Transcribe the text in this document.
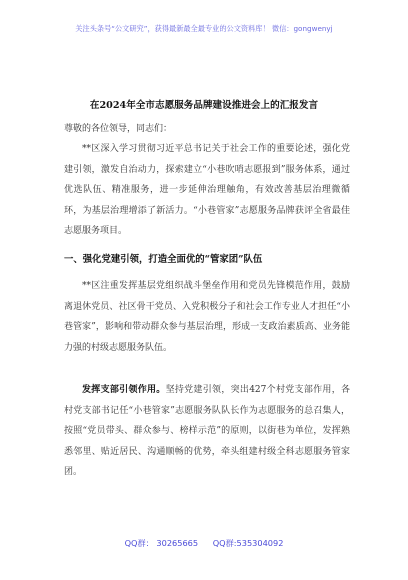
关注头条号“公文研究”，获得最新最全最专业的公文资料库！ 微信：gongwenyj
在2024年全市志愿服务品牌建设推进会上的汇报发言
尊敬的各位领导，同志们：

**区深入学习贯彻习近平总书记关于社会工作的重要论述，强化党建引领，激发自治动力，探索建立“小巷吹哨志愿报到”服务体系，通过优选队伍、精准服务，进一步延伸治理触角，有效改善基层治理微循环，为基层治理增添了新活力。“小巷管家”志愿服务品牌获评全省最佳志愿服务项目。

一、强化党建引领，打造全面优的“管家团”队伍

**区注重发挥基层党组织战斗堡垒作用和党员先锋模范作用，鼓励离退休党员、社区骨干党员、入党积极分子和社会工作专业人才担任“小巷管家”，影响和带动群众参与基层治理，形成一支政治素质高、业务能力强的村级志愿服务队伍。

发挥支部引领作用。坚持党建引领，突出427个村党支部作用，各村党支部书记任“小巷管家”志愿服务队队长作为志愿服务的总召集人，按照“党员带头、群众参与、榜样示范”的原则，以街巷为单位，发挥熟悉邻里、贴近居民、沟通顺畅的优势，牵头组建村级全科志愿服务管家团。

QQ群： 30265665 QQ群:535304092
